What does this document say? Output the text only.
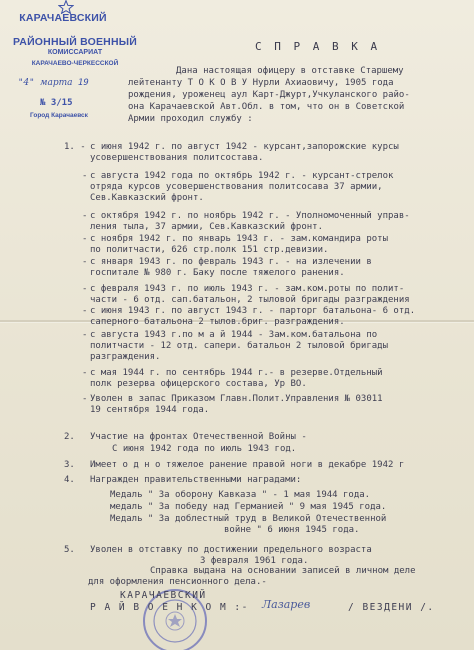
КАРАЧАЕВСКИЙ
РАЙОННЫЙ ВОЕННЫЙ
КОМИССАРИАТ
КАРАЧАЕВО-ЧЕРКЕССКОЙ
"4" марта 19
№ 3/15
Город Карачаевск
С П Р А В К А
Дана настоящая офицеру в отставке Старшему
лейтенанту Т О К О В У Нурли Ахиаовичу, 1905 года
рождения, уроженец аул Карт-Джурт,Учкуланского райо-
она Карачаевской Авт.Обл. в том, что он в Советской
Армии проходил службу :
1. - с июня 1942 г. по август 1942 - курсант,запорожские курсы
усовершенствования политсостава.
- с августа 1942 года по октябрь 1942 г. - курсант-стрелок
отряда курсов усовершенствования политсосава 37 армии,
Сев.Кавказский фронт.
- с октября 1942 г. по ноябрь 1942 г. - Уполномоченный управ-
ления тыла, 37 армии, Сев.Кавказский фронт.
- с ноября 1942 г. по январь 1943 г. - зам.командира роты
по политчасти, 626 стр.полк 151 стр.девизии.
- с января 1943 г. по февраль 1943 г. - на излечении в
госпитале № 980 г. Баку после тяжелого ранения.
- с февраля 1943 г. по июль 1943 г. - зам.ком.роты по полит-
части - 6 отд. сап.батальон, 2 тыловой бригады разграждения
- с июня 1943 г. по август 1943 г. - парторг батальона- 6 отд.
саперного батальона 2 тылов.бриг. разграждения.
- с августа 1943 г.по м а й 1944 - Зам.ком.батальона по
политчасти - 12 отд. сапери. батальон 2 тыловой бригады
разграждения.
- с мая 1944 г. по сентябрь 1944 г.- в резерве.Отдельный
полк резерва офицерского состава, Ур ВО.
- Уволен в запас Приказом Главн.Полит.Управления № 03011
19 сентября 1944 года.
2. Участие на фронтах Отечественной Войны -
С июня 1942 года по июль 1943 год.
3. Имеет о д н о тяжелое ранение правой ноги в декабре 1942 г
4. Награжден правительственными наградами:
Медаль " За оборону Кавказа " - 1 мая 1944 года.
медаль " За победу над Германией " 9 мая 1945 года.
Медаль " За доблестный труд в Великой Отечественной
войне " 6 июня 1945 года.
5. Уволен в отставку по достижении предельного возраста
3 февраля 1961 года.
Справка выдана на основании записей в личном деле
для оформления пенсионного дела.-
КАРАЧАЕВСКИЙ
Р А Й В О Е Н К О М :- Лазарев	/ ВЕЗДЕНИ /.
